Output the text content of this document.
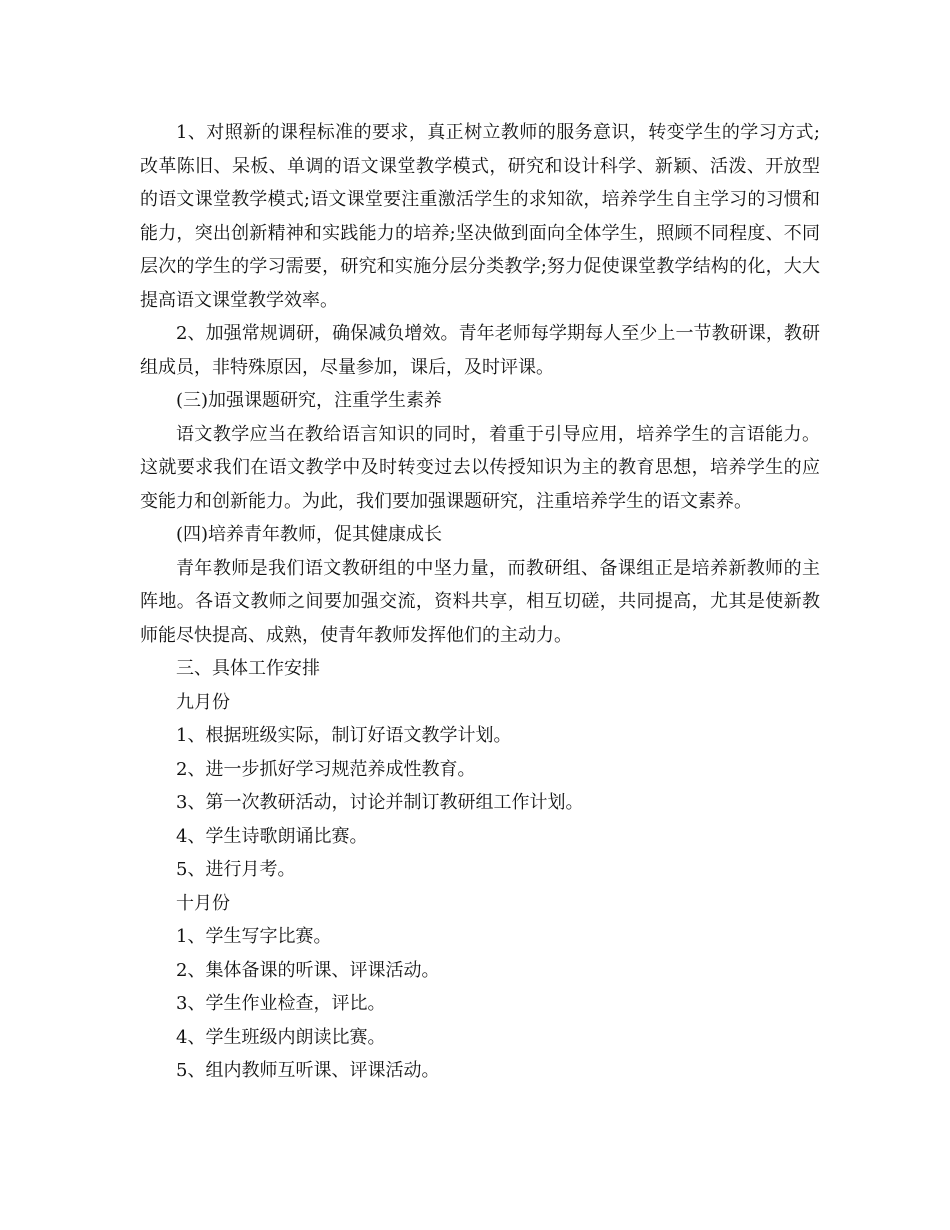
1、对照新的课程标准的要求，真正树立教师的服务意识，转变学生的学习方式;改革陈旧、呆板、单调的语文课堂教学模式，研究和设计科学、新颖、活泼、开放型的语文课堂教学模式;语文课堂要注重激活学生的求知欲，培养学生自主学习的习惯和能力，突出创新精神和实践能力的培养;坚决做到面向全体学生，照顾不同程度、不同层次的学生的学习需要，研究和实施分层分类教学;努力促使课堂教学结构的化，大大提高语文课堂教学效率。

2、加强常规调研，确保减负增效。青年老师每学期每人至少上一节教研课，教研组成员，非特殊原因，尽量参加，课后，及时评课。

(三)加强课题研究，注重学生素养

语文教学应当在教给语言知识的同时，着重于引导应用，培养学生的言语能力。这就要求我们在语文教学中及时转变过去以传授知识为主的教育思想，培养学生的应变能力和创新能力。为此，我们要加强课题研究，注重培养学生的语文素养。

(四)培养青年教师，促其健康成长

青年教师是我们语文教研组的中坚力量，而教研组、备课组正是培养新教师的主阵地。各语文教师之间要加强交流，资料共享，相互切磋，共同提高，尤其是使新教师能尽快提高、成熟，使青年教师发挥他们的主动力。

三、具体工作安排

九月份

1、根据班级实际，制订好语文教学计划。

2、进一步抓好学习规范养成性教育。

3、第一次教研活动，讨论并制订教研组工作计划。

4、学生诗歌朗诵比赛。

5、进行月考。

十月份

1、学生写字比赛。

2、集体备课的听课、评课活动。

3、学生作业检查，评比。

4、学生班级内朗读比赛。

5、组内教师互听课、评课活动。
